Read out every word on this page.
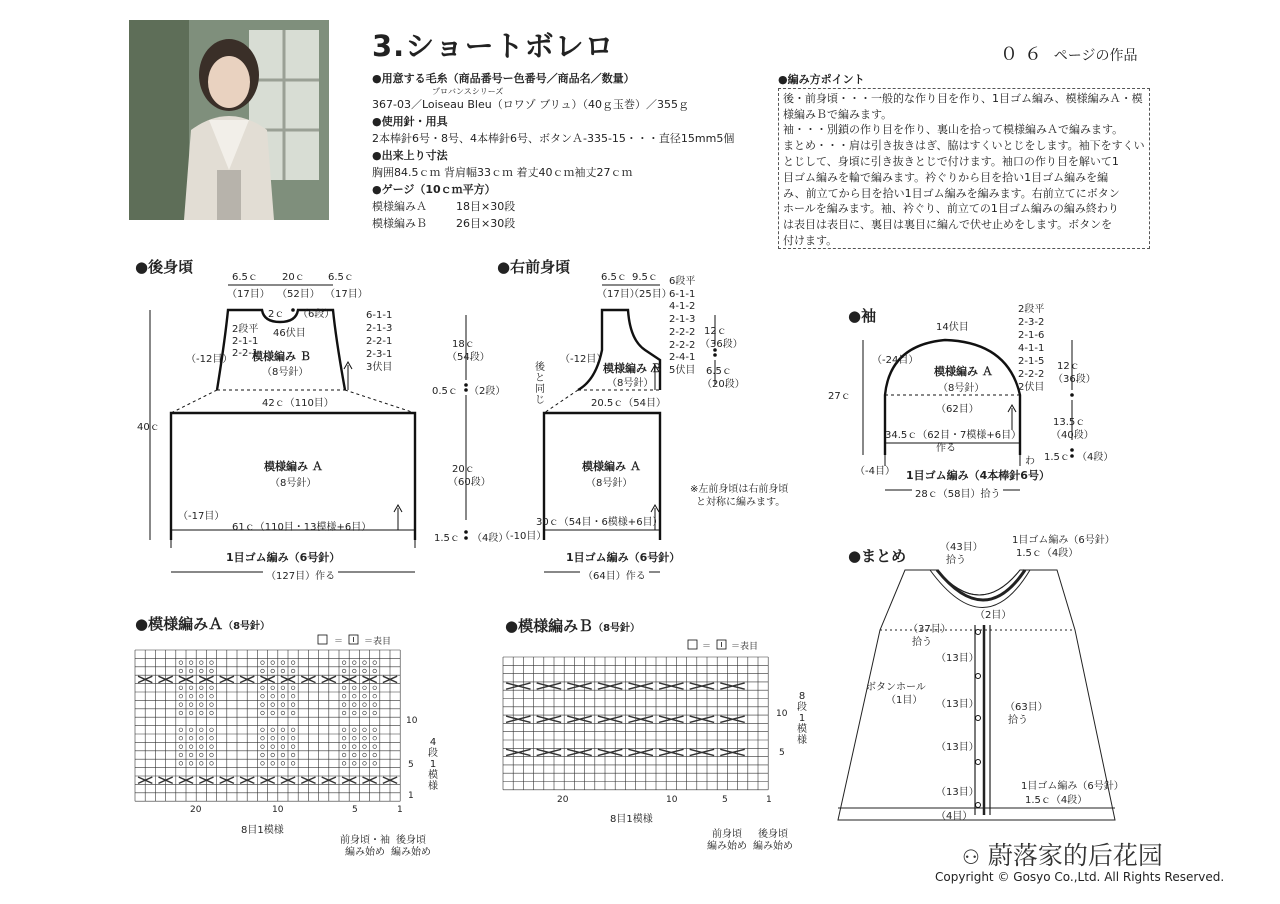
3.ショートボレロ	０６ ページの作品
●用意する毛糸（商品番号ー色番号／商品名／数量）
プロバンスシリーズ
367-03／Loiseau Bleu（ロワゾ ブリュ）（40ｇ玉巻）／355ｇ
●使用針・用具
2本棒針6号・8号、4本棒針6号、ボタンＡ-335-15・・・直径15mm5個
●出来上り寸法
胸囲84.5ｃｍ 背肩幅33ｃｍ 着丈40ｃｍ袖丈27ｃｍ
●ゲージ（10ｃｍ平方）
模様編みＡ	18目×30段
模様編みＢ	26目×30段
●編み方ポイント
後・前身頃・・・一般的な作り目を作り、1目ゴム編み、模様編みＡ・模
様編みＢで編みます。
袖・・・別鎖の作り目を作り、裏山を拾って模様編みＡで編みます。
まとめ・・・肩は引き抜きはぎ、脇はすくいとじをします。袖下をすくい
とじして、身頃に引き抜きとじで付けます。袖口の作り目を解いて1
目ゴム編みを輪で編みます。衿ぐりから目を拾い1目ゴム編みを編
み、前立てから目を拾い1目ゴム編みを編みます。右前立てにボタン
ホールを編みます。袖、衿ぐり、前立ての1目ゴム編みの編み終わり
は表目は表目に、裏目は裏目に編んで伏せ止めをします。ボタンを
付けます。
●後身頃	●右前身頃
●袖
●まとめ
●模様編みＡ（8号針）	●模様編みＢ（8号針）
6.5ｃ 20ｃ 6.5ｃ
（17目） （52目） （17目）
2ｃ （6段）
46伏目
2段平
2-1-1
2-2-1
6-1-1
2-1-3
2-2-1
2-3-1
3伏目
（-12目） 模様編み Ｂ
（8号針）
18ｃ
（54段）
0.5ｃ （2段）
42ｃ（110目）
40ｃ
模様編み Ａ
（8号針）
20ｃ
（60段）
（-17目）
61ｃ（110目・13模様+6目）
1.5ｃ （4段）
1目ゴム編み（6号針）
（127目）作る
6.5ｃ 9.5ｃ
（17目）
（25目）
6段平
6-1-1
4-1-2
2-1-3
2-2-2
2-2-2
2-4-1
5伏目
12ｃ
（36段）
6.5ｃ
（20段）
（-12目）
後
と
同
じ
模様編み Ｂ
（8号針）
20.5ｃ（54目）
模様編み Ａ
（8号針）
（-10目）
30ｃ（54目・6模様+6目）
1目ゴム編み（6号針）
（64目）作る
※左前身頃は右前身頃
と対称に編みます。
14伏目
（-24目）
2段平
2-3-2
2-1-6
4-1-1
2-1-5
2-2-2
2伏目
12ｃ
（36段）
27ｃ
模様編み Ａ
（8号針）
（62目）
34.5ｃ（62目・7模様+6目）
作る
13.5ｃ
（40段）
1.5ｃ （4段）
わ
（-4目） 1目ゴム編み（4本棒針6号）
28ｃ（58目）拾う
（43目）
拾う
1目ゴム編み（6号針）
1.5ｃ（4段）
（2目）
（37目）
拾う
（13目）
ボタンホール
（1目） （13目）	（63目）
拾う
（13目）
1目ゴム編み（6号針）
1.5ｃ（4段）
（13目）
（4目）
＝ ＝表目
10
5
1
4
段
1
模
様
20	10	5	1
8目1模様
前身頃・袖
編み始め
後身頃
編み始め
＝ ＝表目
10
5
8
段
1
模
様
20	10	5	1
8目1模様
前身頃
編み始め
後身頃
編み始め	⚇ 蔚落家的后花园
Copyright © Gosyo Co.,Ltd. All Rights Reserved.
